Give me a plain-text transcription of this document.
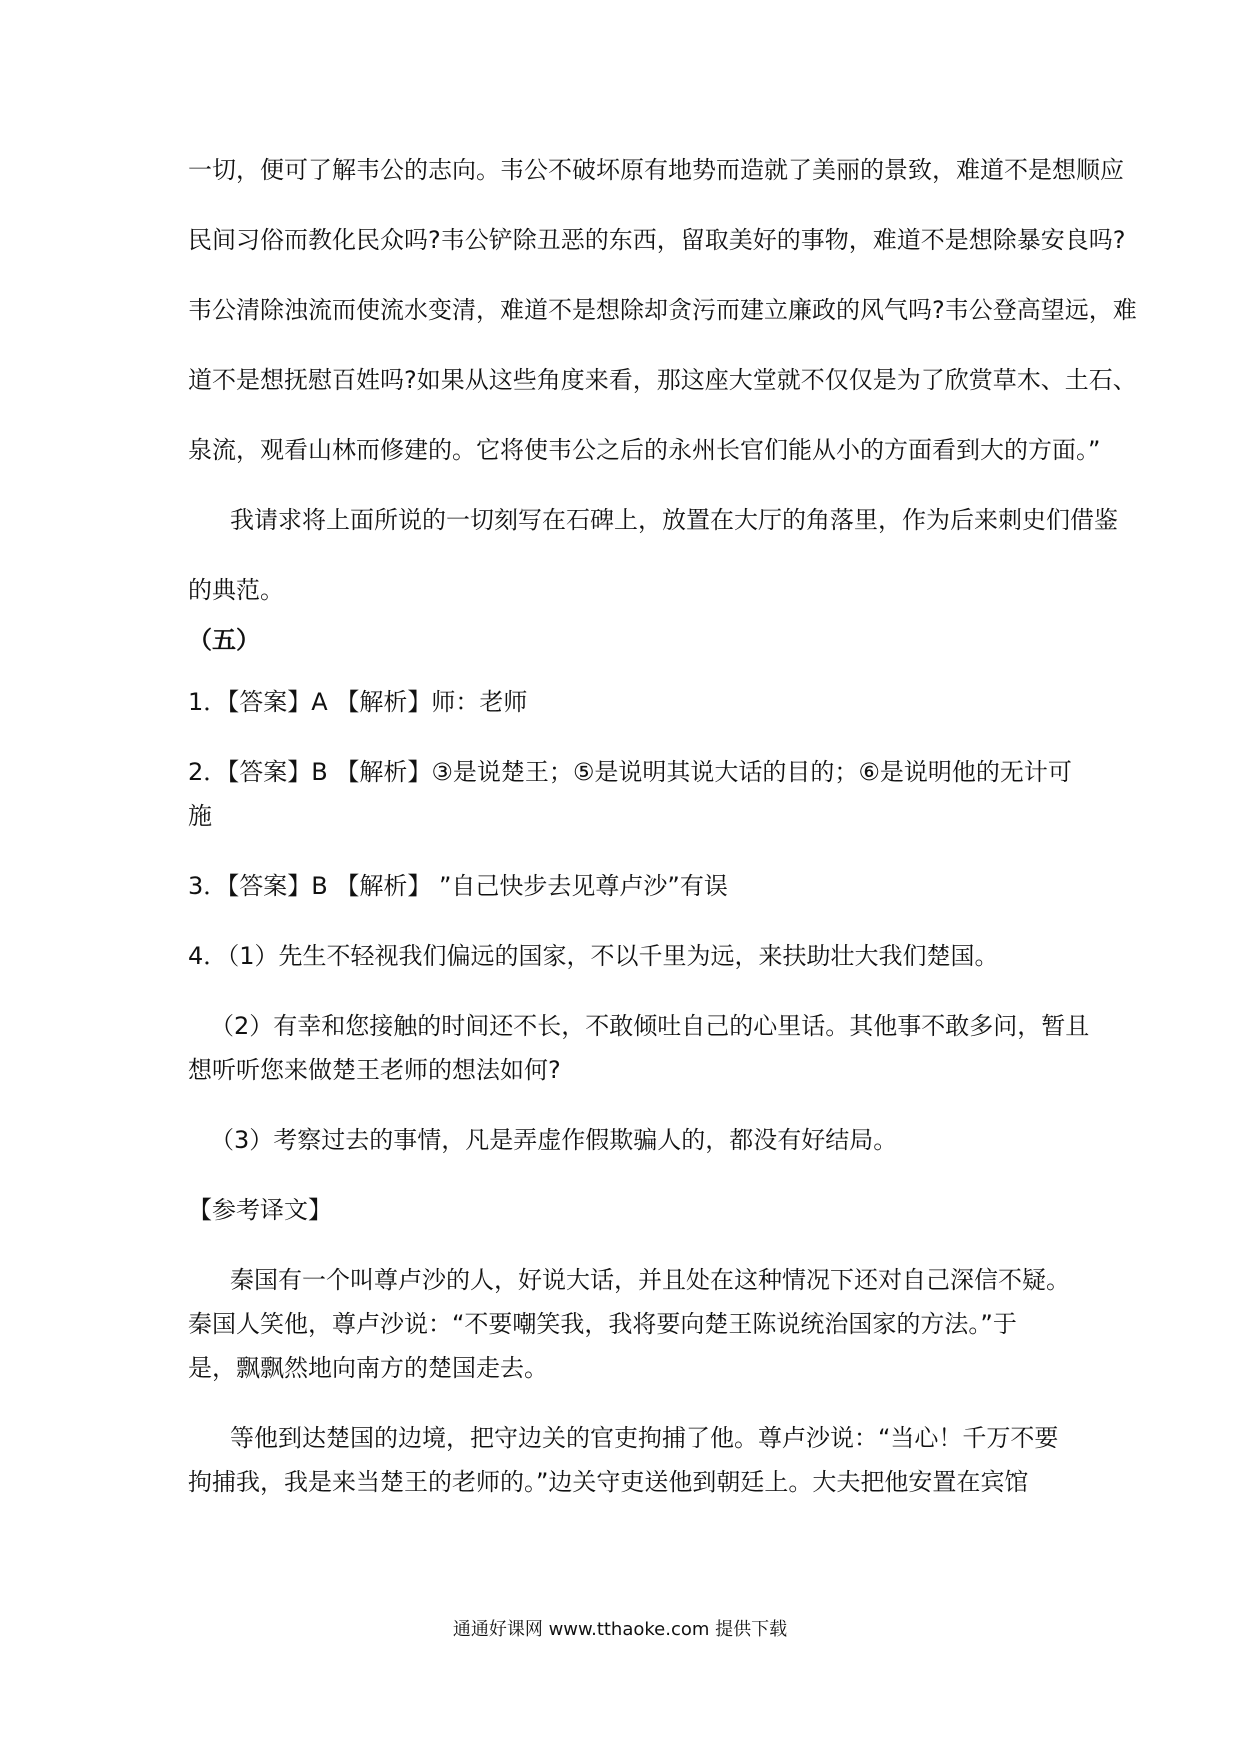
一切，便可了解韦公的志向。韦公不破坏原有地势而造就了美丽的景致，难道不是想顺应
民间习俗而教化民众吗?韦公铲除丑恶的东西，留取美好的事物，难道不是想除暴安良吗?
韦公清除浊流而使流水变清，难道不是想除却贪污而建立廉政的风气吗?韦公登高望远，难
道不是想抚慰百姓吗?如果从这些角度来看，那这座大堂就不仅仅是为了欣赏草木、土石、
泉流，观看山林而修建的。它将使韦公之后的永州长官们能从小的方面看到大的方面。”
我请求将上面所说的一切刻写在石碑上，放置在大厅的角落里，作为后来刺史们借鉴
的典范。
（五）
1．【答案】A 【解析】师：老师
2．【答案】B 【解析】③是说楚王；⑤是说明其说大话的目的；⑥是说明他的无计可
施
3．【答案】B 【解析】 ”自己快步去见尊卢沙”有误
4．（1）先生不轻视我们偏远的国家，不以千里为远，来扶助壮大我们楚国。
（2）有幸和您接触的时间还不长，不敢倾吐自己的心里话。其他事不敢多问，暂且
想听听您来做楚王老师的想法如何?
（3）考察过去的事情，凡是弄虚作假欺骗人的，都没有好结局。
【参考译文】
秦国有一个叫尊卢沙的人，好说大话，并且处在这种情况下还对自己深信不疑。
秦国人笑他，尊卢沙说：“不要嘲笑我，我将要向楚王陈说统治国家的方法。”于
是，飘飘然地向南方的楚国走去。
等他到达楚国的边境，把守边关的官吏拘捕了他。尊卢沙说：“当心！千万不要
拘捕我，我是来当楚王的老师的。”边关守吏送他到朝廷上。大夫把他安置在宾馆
通通好课网 www.tthaoke.com 提供下载
